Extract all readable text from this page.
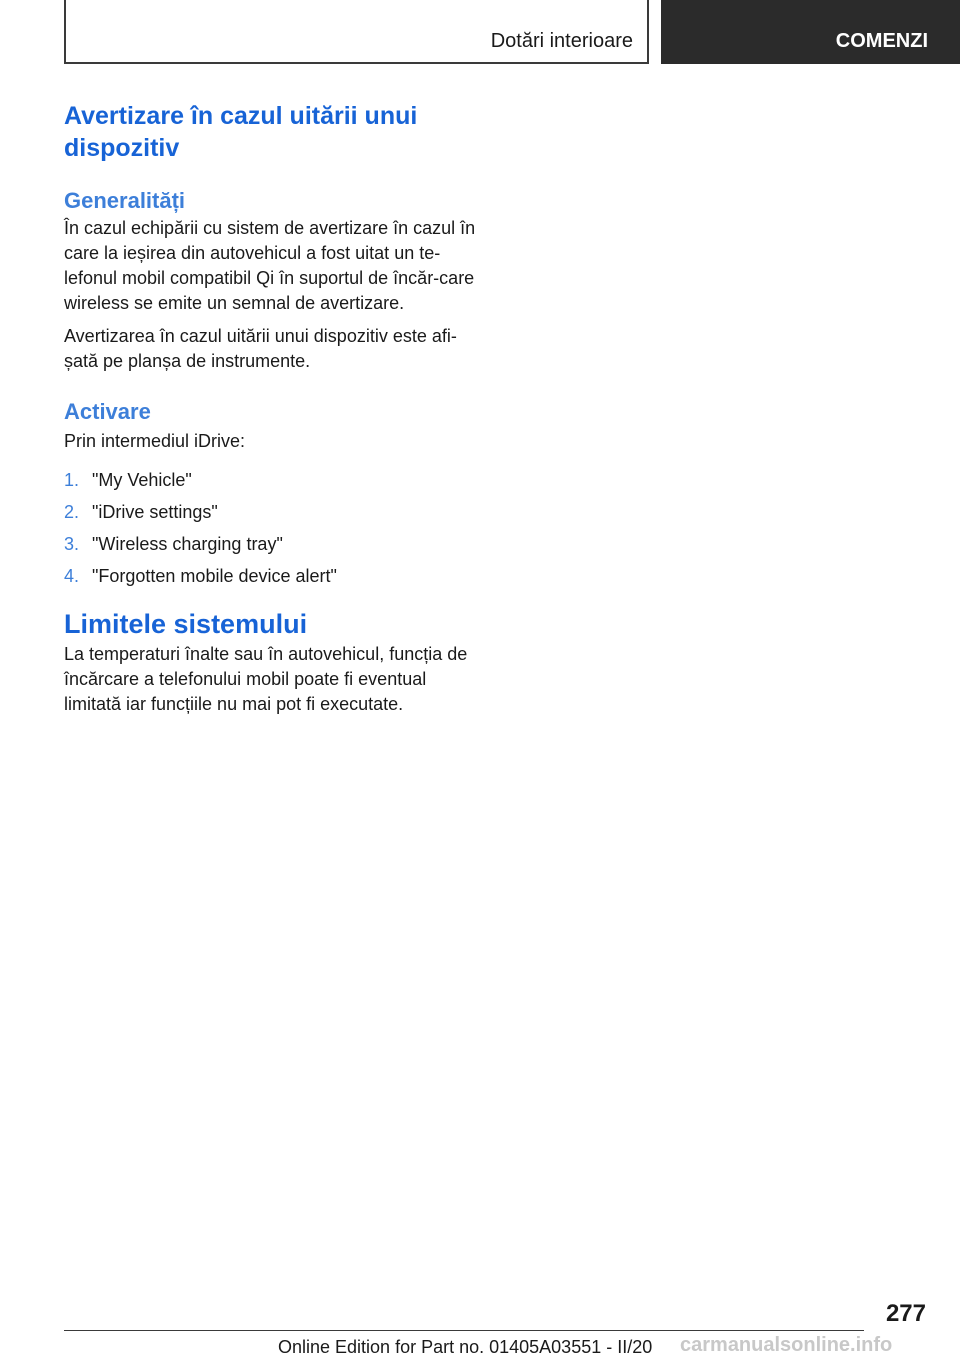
Dotări interioare	COMENZI
Avertizare în cazul uitării unui dispozitiv
Generalități

În cazul echipării cu sistem de avertizare în cazul în care la ieșirea din autovehicul a fost uitat un te-lefonul mobil compatibil Qi în suportul de încăr-care wireless se emite un semnal de avertizare.

Avertizarea în cazul uitării unui dispozitiv este afi-șată pe planșa de instrumente.

Activare

Prin intermediul iDrive:

1. "My Vehicle"
2. "iDrive settings"
3. "Wireless charging tray"
4. "Forgotten mobile device alert"
Limitele sistemului

La temperaturi înalte sau în autovehicul, funcția de încărcare a telefonului mobil poate fi eventual limitată iar funcțiile nu mai pot fi executate.

277
Online Edition for Part no. 01405A03551 - II/20 carmanualsonline.info
